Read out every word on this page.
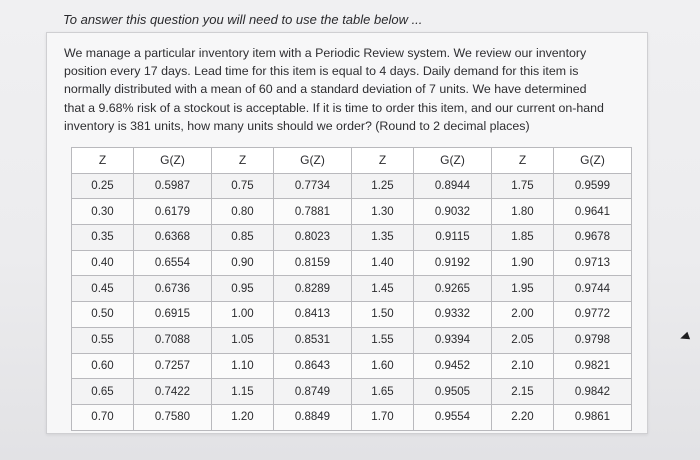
To answer this question you will need to use the table below ...
We manage a particular inventory item with a Periodic Review system. We review our inventory
position every 17 days. Lead time for this item is equal to 4 days. Daily demand for this item is
normally distributed with a mean of 60 and a standard deviation of 7 units. We have determined
that a 9.68% risk of a stockout is acceptable. If it is time to order this item, and our current on-hand
inventory is 381 units, how many units should we order? (Round to 2 decimal places)
Z	G(Z)	Z	G(Z)	Z	G(Z)	Z	G(Z)
0.25	0.5987	0.75	0.7734	1.25	0.8944	1.75	0.9599
0.30	0.6179	0.80	0.7881	1.30	0.9032	1.80	0.9641
0.35	0.6368	0.85	0.8023	1.35	0.9115	1.85	0.9678
0.40	0.6554	0.90	0.8159	1.40	0.9192	1.90	0.9713
0.45	0.6736	0.95	0.8289	1.45	0.9265	1.95	0.9744
0.50	0.6915	1.00	0.8413	1.50	0.9332	2.00	0.9772
0.55	0.7088	1.05	0.8531	1.55	0.9394	2.05	0.9798
0.60	0.7257	1.10	0.8643	1.60	0.9452	2.10	0.9821
0.65	0.7422	1.15	0.8749	1.65	0.9505	2.15	0.9842
0.70	0.7580	1.20	0.8849	1.70	0.9554	2.20	0.9861
